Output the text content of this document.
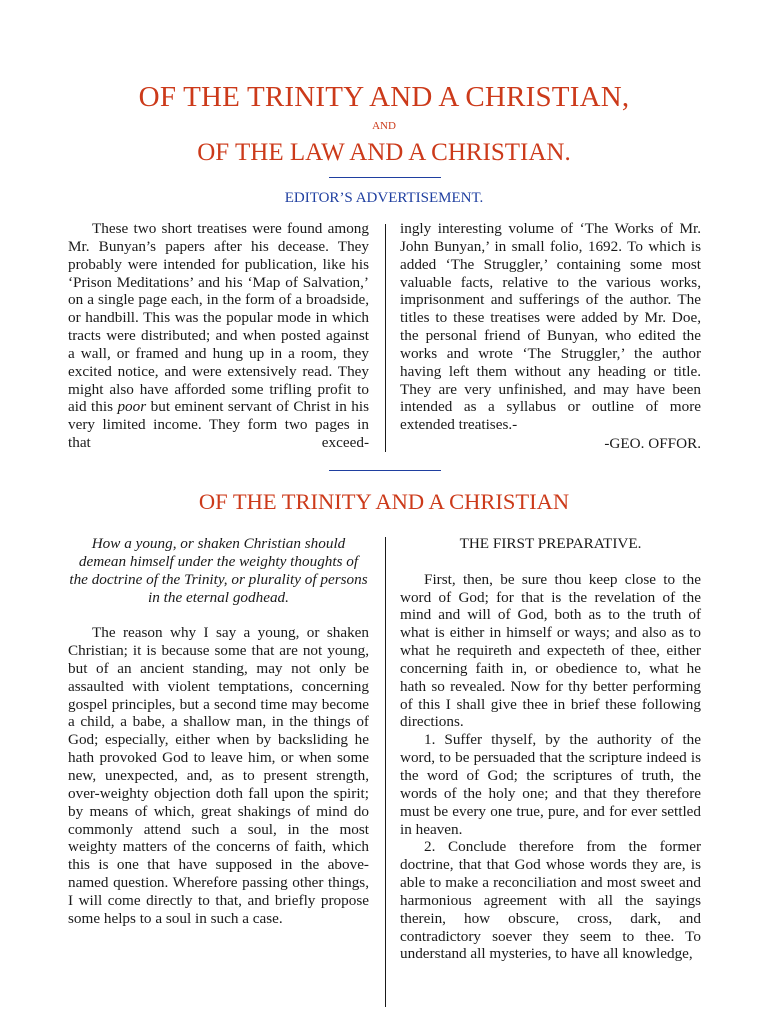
OF THE TRINITY AND A CHRISTIAN,
AND
OF THE LAW AND A CHRISTIAN.
EDITOR’S ADVERTISEMENT.

These two short treatises were found among Mr. Bunyan’s papers after his decease. They probably were intended for publication, like his ‘Prison Meditations’ and his ‘Map of Salvation,’ on a single page each, in the form of a broadside, or handbill. This was the popular mode in which tracts were distributed; and when posted against a wall, or framed and hung up in a room, they excited notice, and were extensively read. They might also have afforded some trifling profit to aid this poor but eminent servant of Christ in his very limited income. They form two pages in that exceed-

ingly interesting volume of ‘The Works of Mr. John Bunyan,’ in small folio, 1692. To which is added ‘The Struggler,’ containing some most valuable facts, relative to the various works, imprisonment and sufferings of the author. The titles to these treatises were added by Mr. Doe, the personal friend of Bunyan, who edited the works and wrote ‘The Struggler,’ the author having left them without any heading or title. They are very unfinished, and may have been intended as a syllabus or outline of more extended treatises.-

-GEO. OFFOR.

OF THE TRINITY AND A CHRISTIAN

How a young, or shaken Christian should demean himself under the weighty thoughts of the doctrine of the Trinity, or plurality of persons in the eternal godhead.

The reason why I say a young, or shaken Christian; it is because some that are not young, but of an ancient standing, may not only be assaulted with violent temptations, concerning gospel principles, but a second time may become a child, a babe, a shallow man, in the things of God; especially, either when by backsliding he hath provoked God to leave him, or when some new, unexpected, and, as to present strength, over-weighty objection doth fall upon the spirit; by means of which, great shakings of mind do commonly attend such a soul, in the most weighty matters of the concerns of faith, which this is one that have supposed in the above-named question. Wherefore passing other things, I will come directly to that, and briefly propose some helps to a soul in such a case.

THE FIRST PREPARATIVE.

First, then, be sure thou keep close to the word of God; for that is the revelation of the mind and will of God, both as to the truth of what is either in himself or ways; and also as to what he requireth and expecteth of thee, either concerning faith in, or obedience to, what he hath so revealed. Now for thy better performing of this I shall give thee in brief these following directions.

1. Suffer thyself, by the authority of the word, to be persuaded that the scripture indeed is the word of God; the scriptures of truth, the words of the holy one; and that they therefore must be every one true, pure, and for ever settled in heaven.

2. Conclude therefore from the former doctrine, that that God whose words they are, is able to make a reconciliation and most sweet and harmonious agreement with all the sayings therein, how obscure, cross, dark, and contradictory soever they seem to thee. To understand all mysteries, to have all knowledge,
